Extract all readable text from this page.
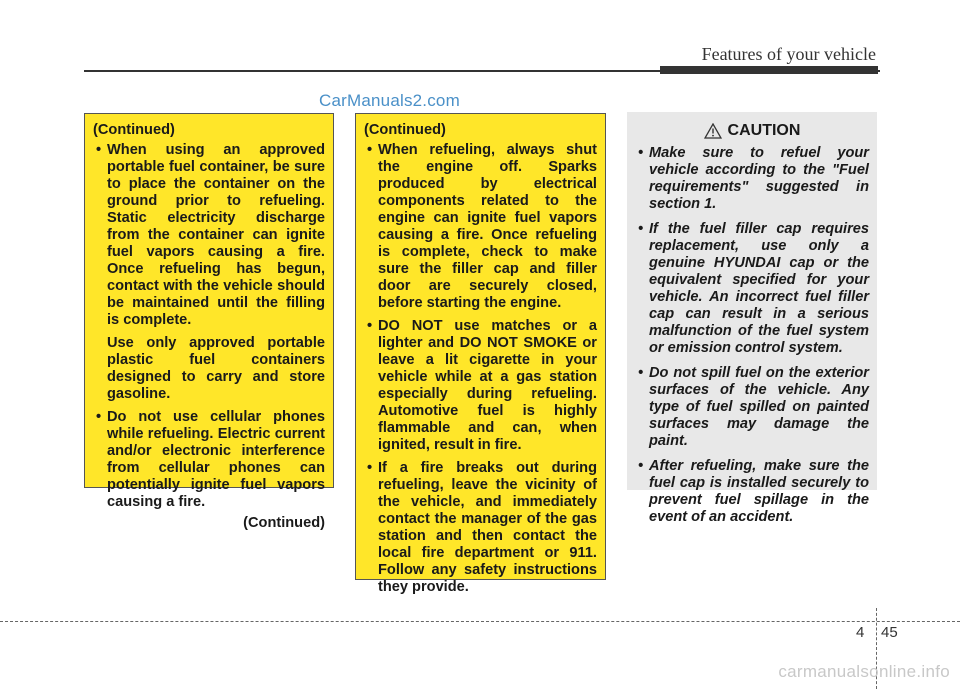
Features of your vehicle
CarManuals2.com
(Continued)
• When using an approved portable fuel container, be sure to place the container on the ground prior to refueling. Static electricity discharge from the container can ignite fuel vapors causing a fire. Once refueling has begun, contact with the vehicle should be maintained until the filling is complete.
Use only approved portable plastic fuel containers designed to carry and store gasoline.
• Do not use cellular phones while refueling. Electric current and/or electronic interference from cellular phones can potentially ignite fuel vapors causing a fire.
(Continued)
(Continued)
• When refueling, always shut the engine off. Sparks produced by electrical components related to the engine can ignite fuel vapors causing a fire. Once refueling is complete, check to make sure the filler cap and filler door are securely closed, before starting the engine.
• DO NOT use matches or a lighter and DO NOT SMOKE or leave a lit cigarette in your vehicle while at a gas station especially during refueling. Automotive fuel is highly flammable and can, when ignited, result in fire.
• If a fire breaks out during refueling, leave the vicinity of the vehicle, and immediately contact the manager of the gas station and then contact the local fire department or 911. Follow any safety instructions they provide.
CAUTION
• Make sure to refuel your vehicle according to the "Fuel requirements" suggested in section 1.
• If the fuel filler cap requires replacement, use only a genuine HYUNDAI cap or the equivalent specified for your vehicle. An incorrect fuel filler cap can result in a serious malfunction of the fuel system or emission control system.
• Do not spill fuel on the exterior surfaces of the vehicle. Any type of fuel spilled on painted surfaces may damage the paint.
• After refueling, make sure the fuel cap is installed securely to prevent fuel spillage in the event of an accident.
4 45
carmanualsonline.info
